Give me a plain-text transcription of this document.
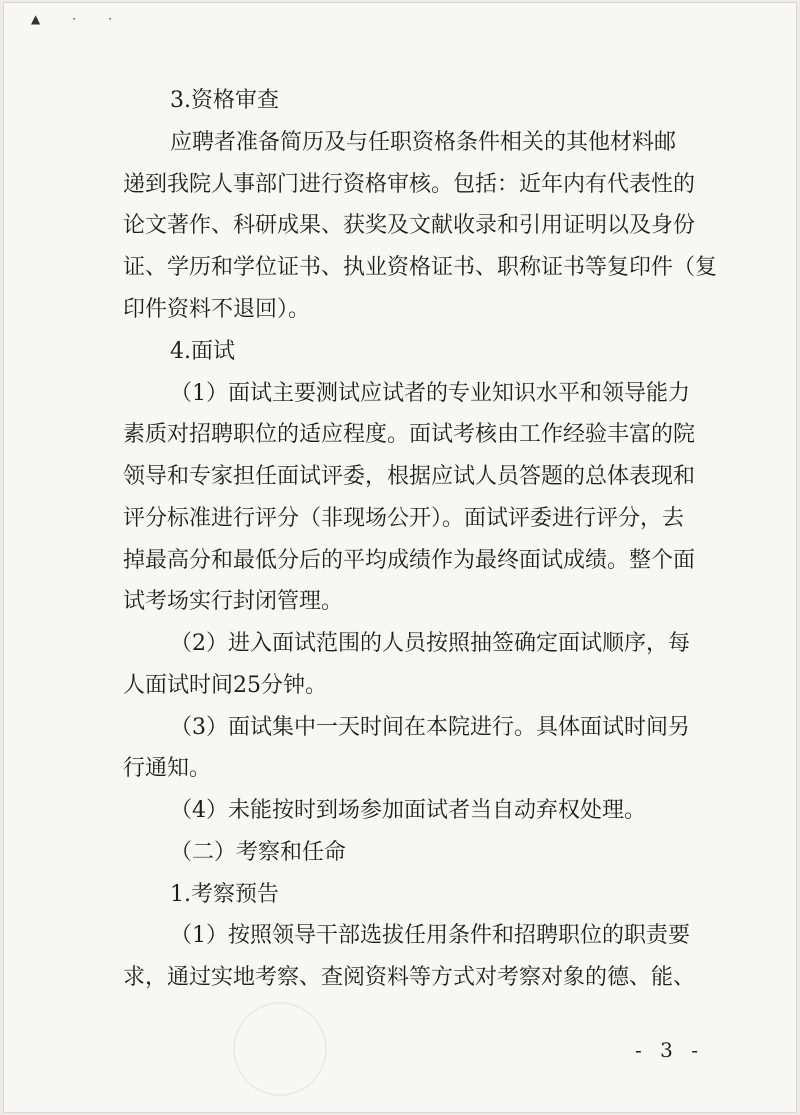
▲ ⋅ ⋅
3.资格审查
应聘者准备简历及与任职资格条件相关的其他材料邮
递到我院人事部门进行资格审核。包括：近年内有代表性的
论文著作、科研成果、获奖及文献收录和引用证明以及身份
证、学历和学位证书、执业资格证书、职称证书等复印件（复
印件资料不退回）。
4.面试
（1）面试主要测试应试者的专业知识水平和领导能力
素质对招聘职位的适应程度。面试考核由工作经验丰富的院
领导和专家担任面试评委，根据应试人员答题的总体表现和
评分标准进行评分（非现场公开）。面试评委进行评分，去
掉最高分和最低分后的平均成绩作为最终面试成绩。整个面
试考场实行封闭管理。
（2）进入面试范围的人员按照抽签确定面试顺序，每
人面试时间25分钟。
（3）面试集中一天时间在本院进行。具体面试时间另
行通知。
（4）未能按时到场参加面试者当自动弃权处理。
（二）考察和任命
1.考察预告
（1）按照领导干部选拔任用条件和招聘职位的职责要
求，通过实地考察、查阅资料等方式对考察对象的德、能、
- 3 -
